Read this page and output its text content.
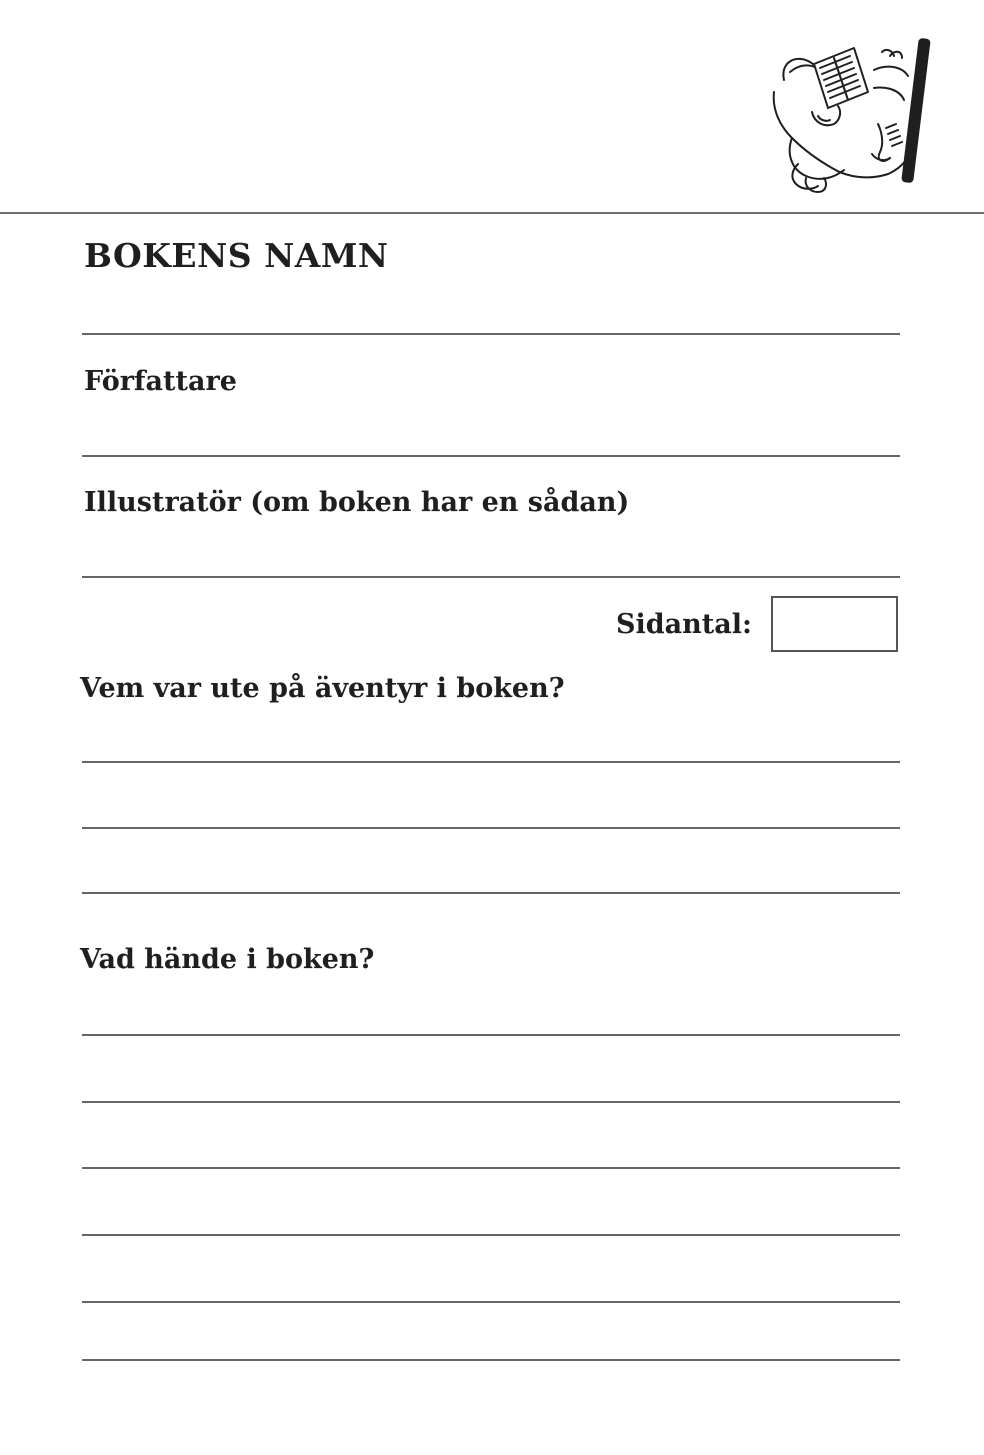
BOKENS NAMN
Författare
Illustratör (om boken har en sådan)
Sidantal:
Vem var ute på äventyr i boken?
Vad hände i boken?
